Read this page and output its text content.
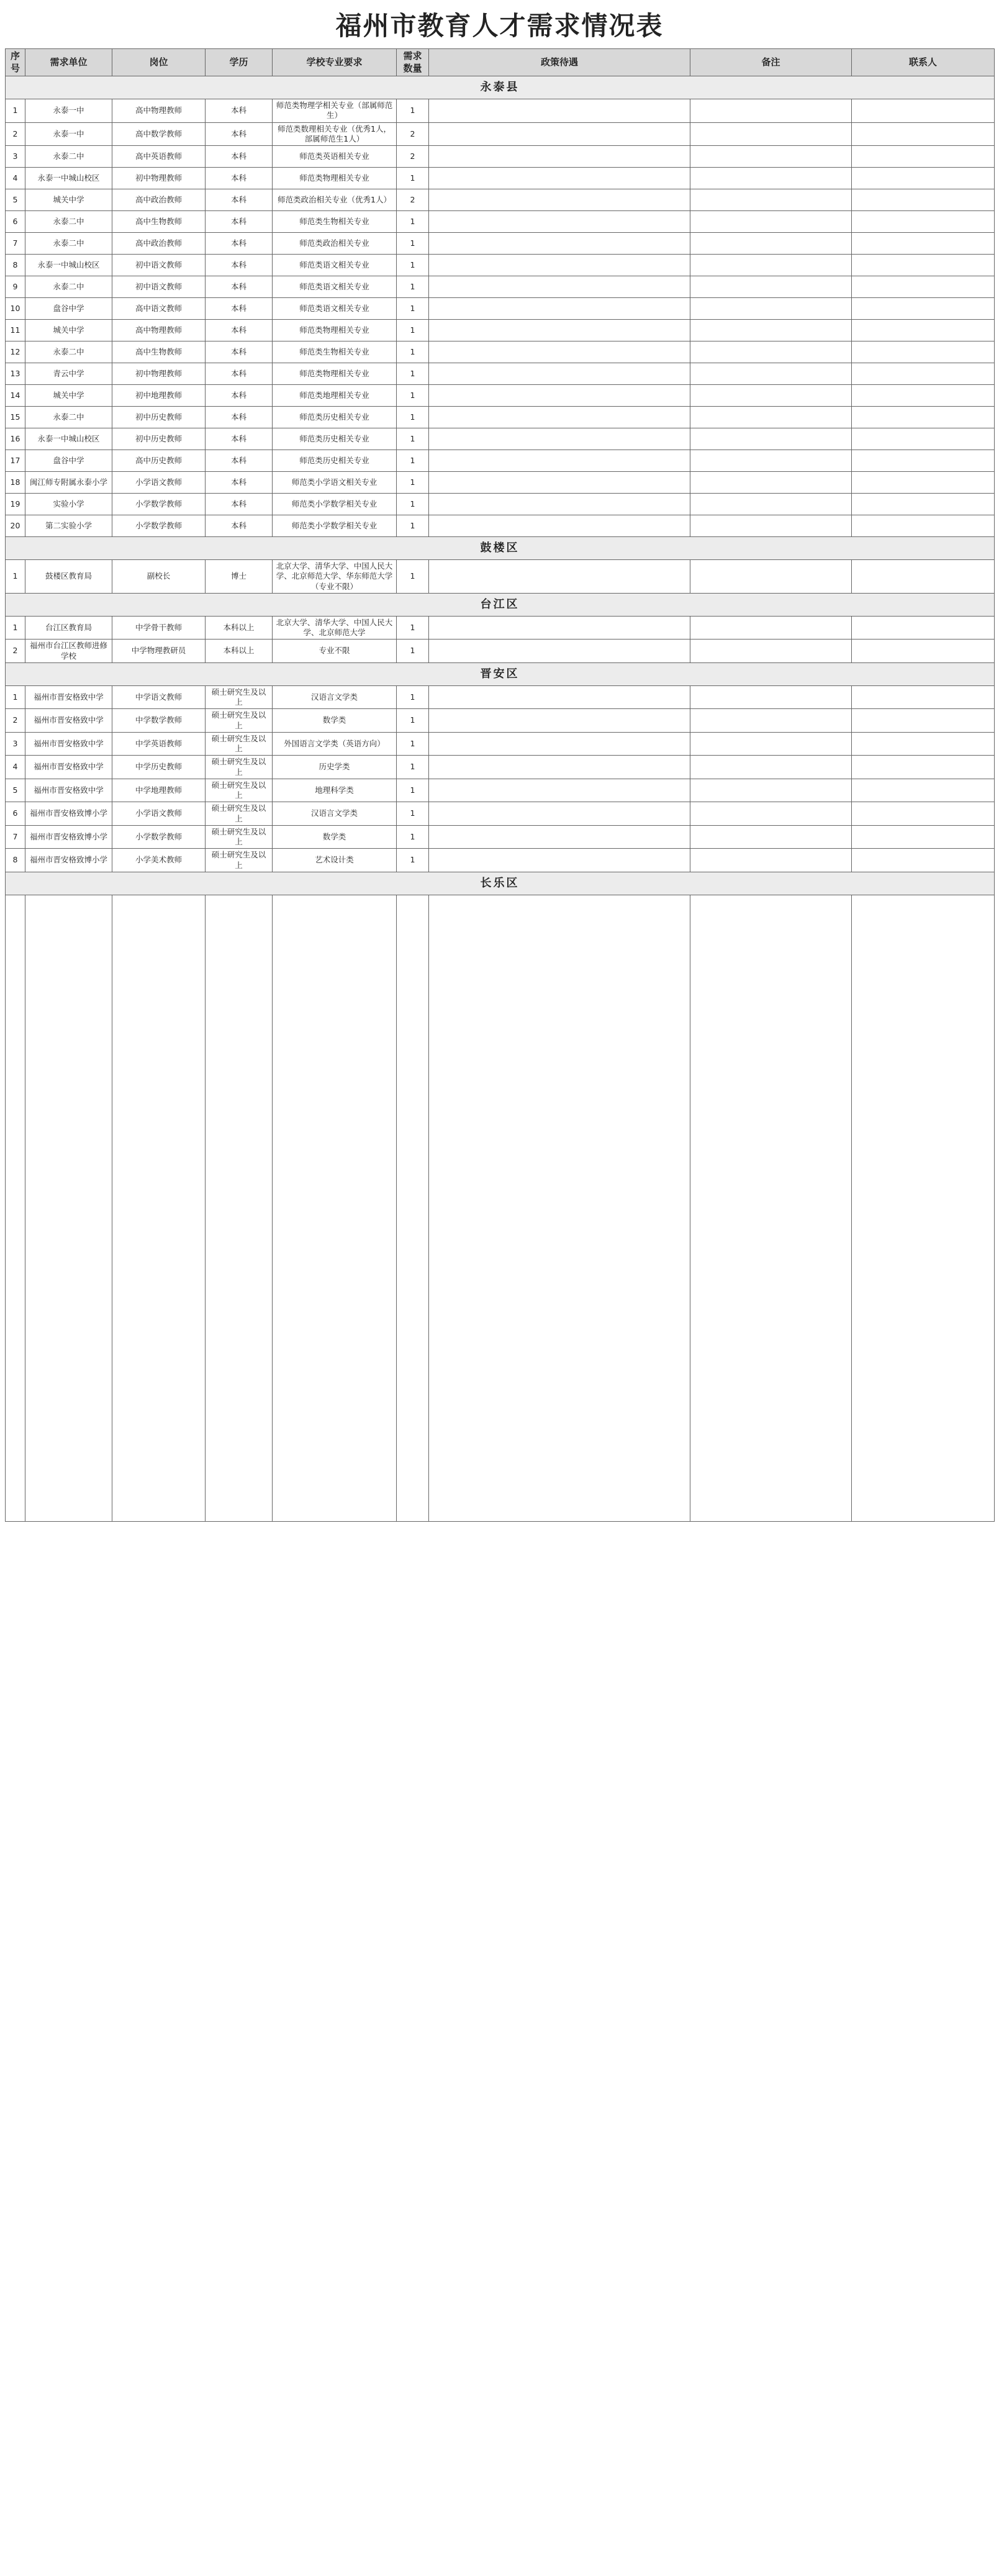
福州市教育人才需求情况表
序号	需求单位	岗位	学历	学校专业要求	需求数量	政策待遇	备注	联系人
永泰县								
1	永泰一中	高中物理教师	本科	师范类物理学相关专业（部属师范生）	1			
2	永泰一中	高中数学教师	本科	师范类数理相关专业（优秀1人，部属师范生1人）	2			
3	永泰二中	高中英语教师	本科	师范类英语相关专业	2			
4	永泰一中城山校区	初中物理教师	本科	师范类物理相关专业	1			
5	城关中学	高中政治教师	本科	师范类政治相关专业（优秀1人）	2			
6	永泰二中	高中生物教师	本科	师范类生物相关专业	1			
7	永泰二中	高中政治教师	本科	师范类政治相关专业	1			
8	永泰一中城山校区	初中语文教师	本科	师范类语文相关专业	1			
9	永泰二中	初中语文教师	本科	师范类语文相关专业	1			
10	盘谷中学	高中语文教师	本科	师范类语文相关专业	1			
11	城关中学	高中物理教师	本科	师范类物理相关专业	1			
12	永泰二中	高中生物教师	本科	师范类生物相关专业	1			
13	青云中学	初中物理教师	本科	师范类物理相关专业	1			
14	城关中学	初中地理教师	本科	师范类地理相关专业	1			
15	永泰二中	初中历史教师	本科	师范类历史相关专业	1			
16	永泰一中城山校区	初中历史教师	本科	师范类历史相关专业	1			
17	盘谷中学	高中历史教师	本科	师范类历史相关专业	1			
18	闽江师专附属永泰小学	小学语文教师	本科	师范类小学语文相关专业	1			
19	实验小学	小学数学教师	本科	师范类小学数学相关专业	1			
20	第二实验小学	小学数学教师	本科	师范类小学数学相关专业	1			
鼓楼区								
1	鼓楼区教育局	副校长	博士	北京大学、清华大学、中国人民大学、北京师范大学、华东师范大学（专业不限）	1			
台江区								
1	台江区教育局	中学骨干教师	本科以上	北京大学、清华大学、中国人民大学、北京师范大学	1			
2	福州市台江区教师进修学校	中学物理教研员	本科以上	专业不限	1			
晋安区								
1	福州市晋安格致中学	中学语文教师	硕士研究生及以上	汉语言文学类	1			
2	福州市晋安格致中学	中学数学教师	硕士研究生及以上	数学类	1			
3	福州市晋安格致中学	中学英语教师	硕士研究生及以上	外国语言文学类（英语方向）	1			
4	福州市晋安格致中学	中学历史教师	硕士研究生及以上	历史学类	1			
5	福州市晋安格致中学	中学地理教师	硕士研究生及以上	地理科学类	1			
6	福州市晋安格致博小学	小学语文教师	硕士研究生及以上	汉语言文学类	1			
7	福州市晋安格致博小学	小学数学教师	硕士研究生及以上	数学类	1			
8	福州市晋安格致博小学	小学美术教师	硕士研究生及以上	艺术设计类	1			
长乐区								
